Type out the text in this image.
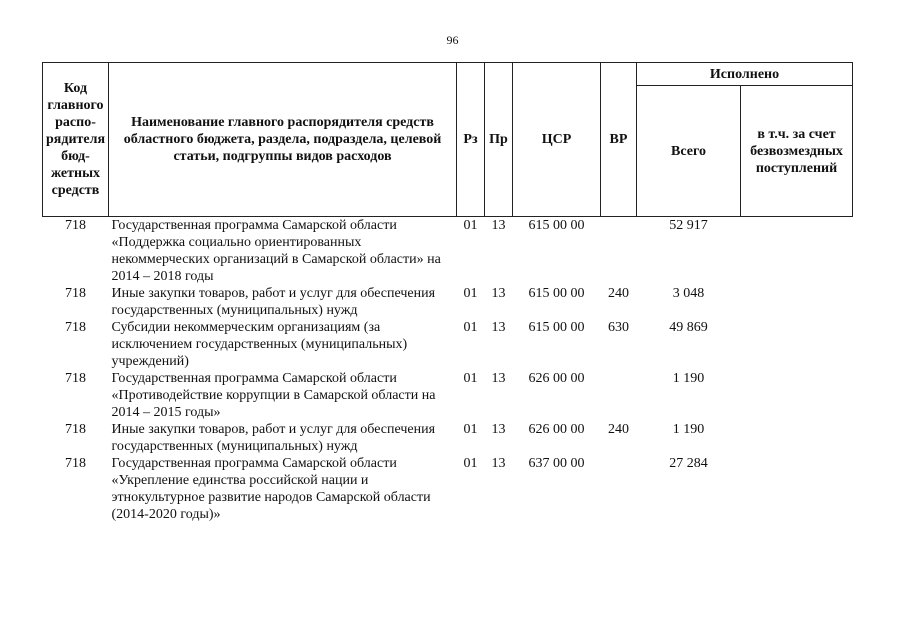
96
Код главного распо-рядителя бюд-жетных средств	Наименование главного распорядителя средств областного бюджета, раздела, подраздела, целевой статьи, подгруппы видов расходов	Рз	Пр	ЦСР	ВР	Исполнено	
						Всего	в т.ч. за счет безвозмездных поступлений
718	Государственная программа Самарской области «Поддержка социально ориентированных некоммерческих организаций в Самарской области» на 2014 – 2018 годы	01	13	615 00 00		52 917	
718	Иные закупки товаров, работ и услуг для обеспечения государственных (муниципальных) нужд	01	13	615 00 00	240	3 048	
718	Субсидии некоммерческим организациям (за исключением государственных (муниципальных) учреждений)	01	13	615 00 00	630	49 869	
718	Государственная программа Самарской области «Противодействие коррупции в Самарской области на 2014 – 2015 годы»	01	13	626 00 00		1 190	
718	Иные закупки товаров, работ и услуг для обеспечения государственных (муниципальных) нужд	01	13	626 00 00	240	1 190	
718	Государственная программа Самарской области «Укрепление единства российской нации и этнокультурное развитие народов Самарской области (2014-2020 годы)»	01	13	637 00 00		27 284	
